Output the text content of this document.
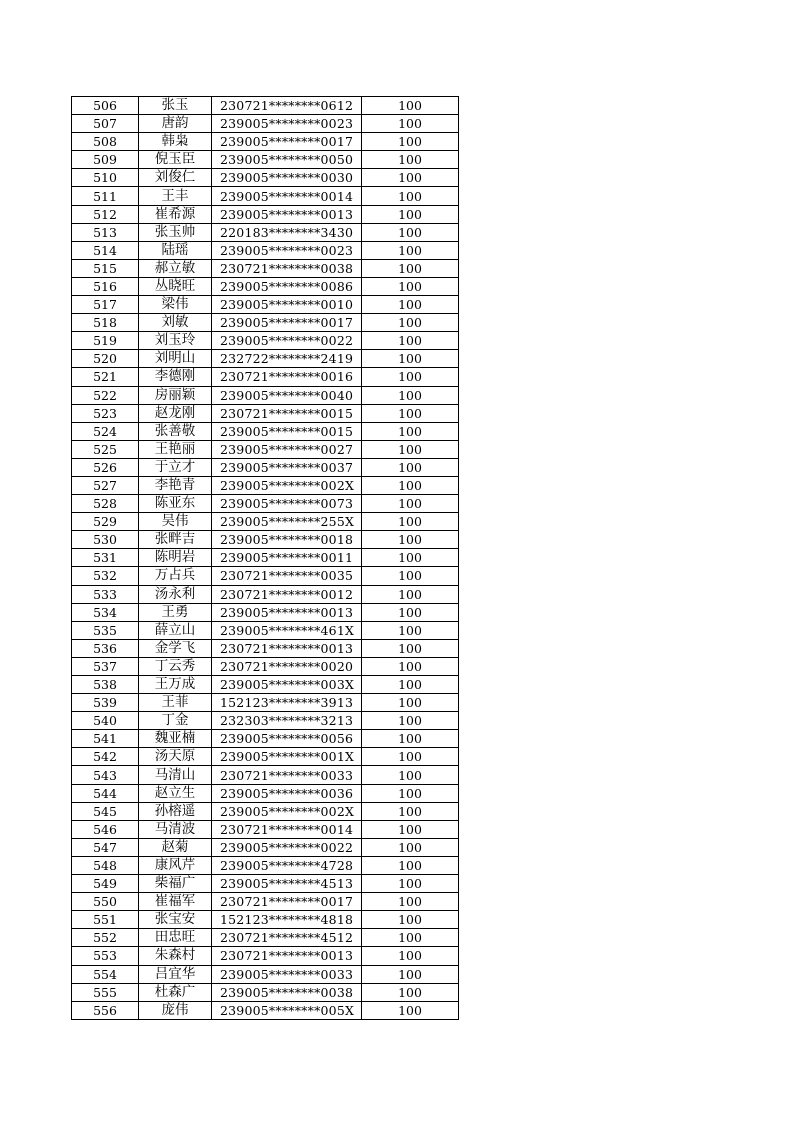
506	张玉	230721********0612	100
507	唐韵	239005********0023	100
508	韩枭	239005********0017	100
509	倪玉臣	239005********0050	100
510	刘俊仁	239005********0030	100
511	王丰	239005********0014	100
512	崔希源	239005********0013	100
513	张玉帅	220183********3430	100
514	陆瑶	239005********0023	100
515	郝立敏	230721********0038	100
516	丛晓旺	239005********0086	100
517	梁伟	239005********0010	100
518	刘敏	239005********0017	100
519	刘玉玲	239005********0022	100
520	刘明山	232722********2419	100
521	李德刚	230721********0016	100
522	房丽颖	239005********0040	100
523	赵龙刚	230721********0015	100
524	张善敬	239005********0015	100
525	王艳丽	239005********0027	100
526	于立才	239005********0037	100
527	李艳青	239005********002X	100
528	陈亚东	239005********0073	100
529	吴伟	239005********255X	100
530	张畔吉	239005********0018	100
531	陈明岩	239005********0011	100
532	万占兵	230721********0035	100
533	汤永利	230721********0012	100
534	王勇	239005********0013	100
535	薛立山	239005********461X	100
536	金学飞	230721********0013	100
537	丁云秀	230721********0020	100
538	王万成	239005********003X	100
539	王菲	152123********3913	100
540	丁金	232303********3213	100
541	魏亚楠	239005********0056	100
542	汤天原	239005********001X	100
543	马清山	230721********0033	100
544	赵立生	239005********0036	100
545	孙榕遥	239005********002X	100
546	马清波	230721********0014	100
547	赵菊	239005********0022	100
548	康风芹	239005********4728	100
549	柴福广	239005********4513	100
550	崔福军	230721********0017	100
551	张宝安	152123********4818	100
552	田忠旺	230721********4512	100
553	朱森村	230721********0013	100
554	吕宜华	239005********0033	100
555	杜森广	239005********0038	100
556	庞伟	239005********005X	100
